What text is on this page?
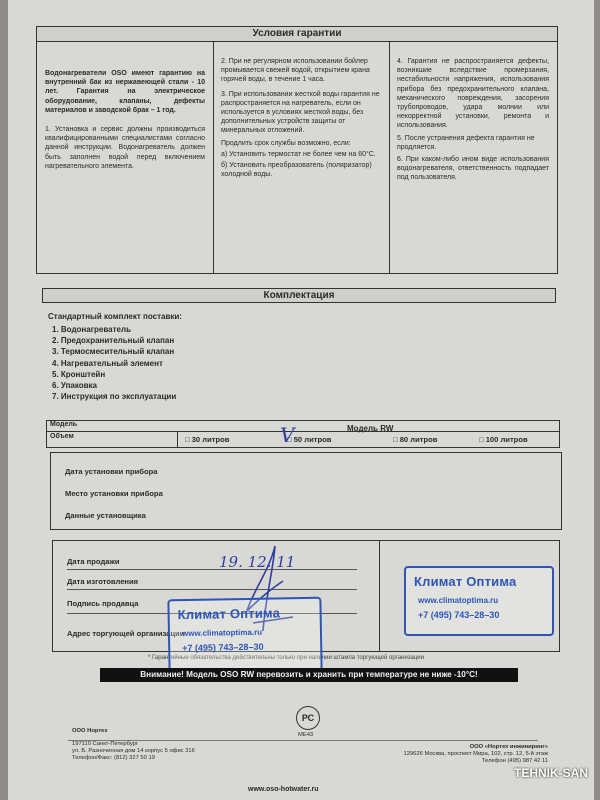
Условия гарантии
Водонагреватели OSO имеют гарантию на внутренний бак из нержавеющей стали - 10 лет. Гарантия на электрическое оборудование, клапаны, дефекты материалов и заводской брак – 1 год.
1. Установка и сервис должны производиться квалифицированными специалистами согласно данной инструкции. Водонагреватель должен быть заполнен водой перед включением нагревательного элемента.
2. При не регулярном использовании бойлер промывается свежей водой, открытием крана горячей воды, в течение 1 часа.
3. При использовании жесткой воды гарантия не распространяется на нагреватель, если он используется в условиях жесткой воды, без дополнительных устройств защиты от минеральных отложений.
Продлить срок службы возможно, если:
а) Установить термостат не более чем на 60°С.
б) Установить преобразователь (поляризатор) холодной воды.
4. Гарантия не распространяется дефекты, возникшие вследствие промерзания, нестабильности напряжения, использования прибора без предохранительного клапана, механического повреждения, засорения трубопроводов, удара молнии или некорректной установки, ремонта и использования.
5. После устранения дефекта гарантия не продляется.
6. При каком-либо ином виде использования водонагревателя, ответственность подпадает под пользователя.
Комплектация
Стандартный комплект поставки:
1. Водонагреватель
2. Предохранительный клапан
3. Термосмесительный клапан
4. Нагревательный элемент
5. Кронштейн
6. Упаковка
7. Инструкция по эксплуатации
Модель	Модель RW
Объем	□ 30 литров	□ 50 литров	□ 80 литров	□ 100 литров
V
Дата установки прибора
Место установки прибора
Данные установщика
Дата продажи
Дата изготовления
Подпись продавца
Адрес торгующей организации
19. 12. 11
* Гарантийные обязательства действительны только при наличии штампа торгующей организации
Климат Оптима
www.climatoptima.ru
+7 (495) 743–28–30
Климат Оптима
www.climatoptima.ru
+7 (495) 743–28–30
Внимание! Модель OSO RW перевозить и хранить при температуре не ниже -10°С!
ООО Нортех
197110 Санкт-Петербург
ул. Б. Разночинная дом 14 корпус 5 офис 316
Телефон/Факс: (812) 327 50 19
РС
МЕ43
ООО «Нортех инжиниринг»
129626 Москва, проспект Мира, 102, стр. 12, 5-й этаж
Телефон (495) 987 42 11
www.oso-hotwater.ru
TEHNIK-SAN
